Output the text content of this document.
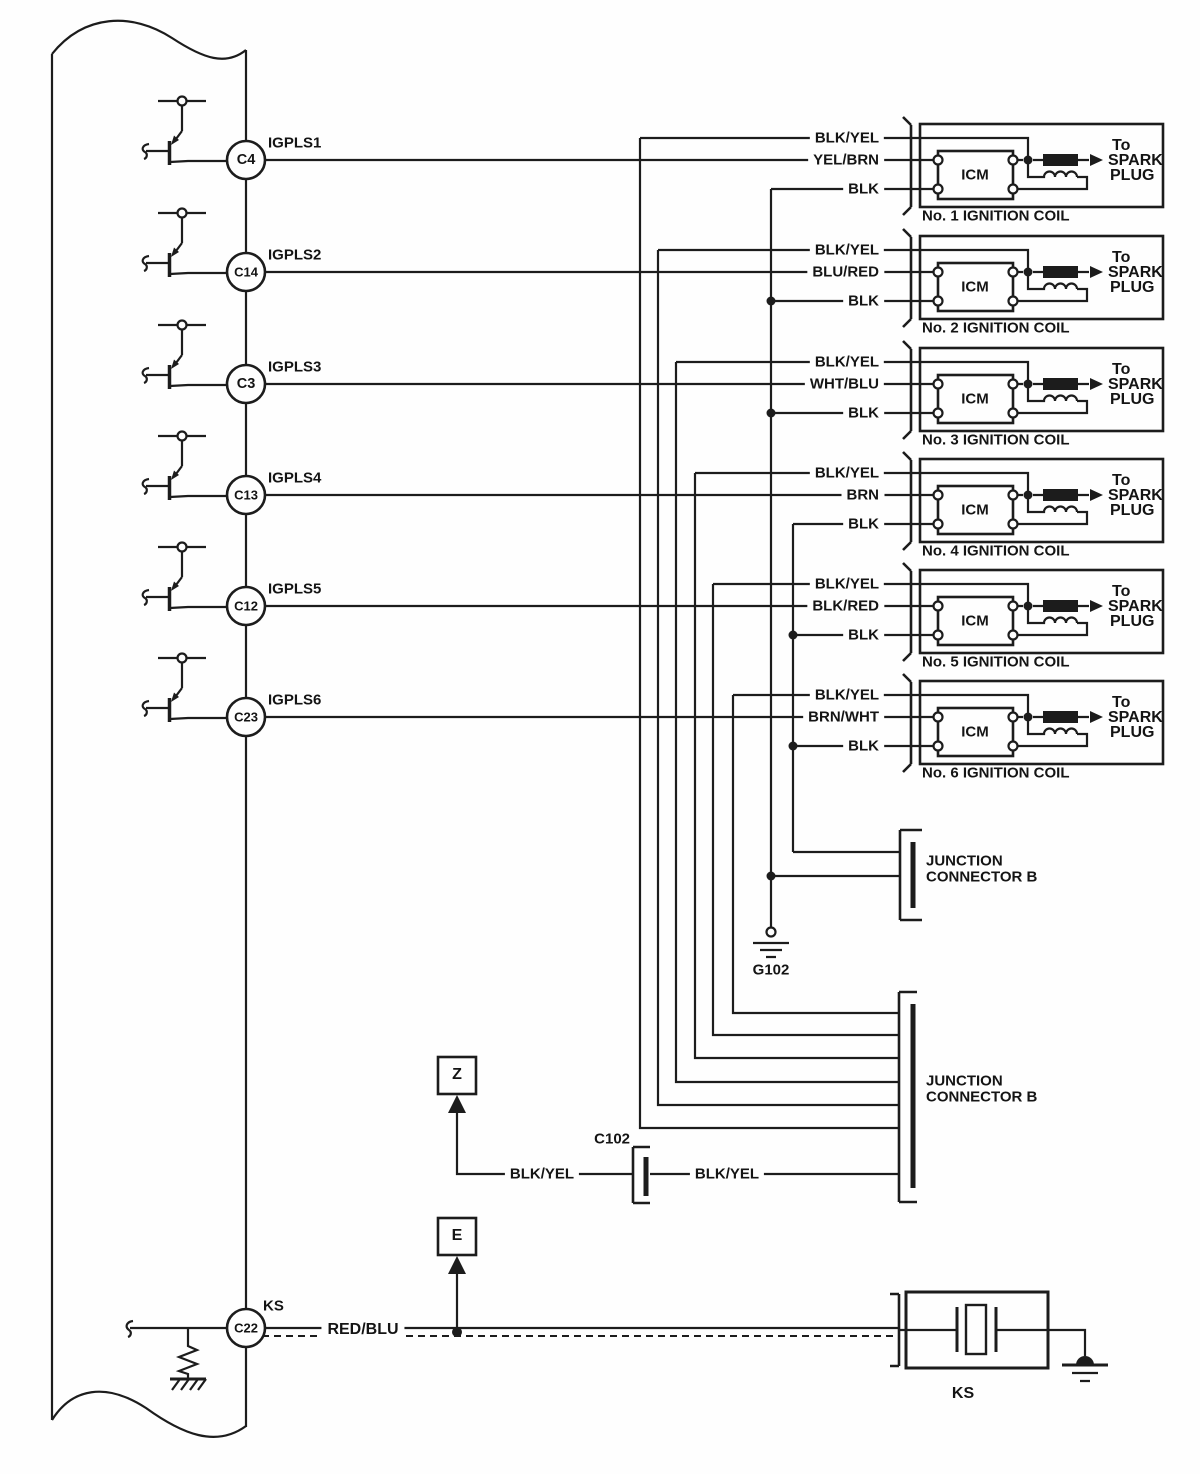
C4
IGPLS1	BLK/YEL
YEL/BRN
BLK
ICM
To
SPARK
PLUG
No. 1 IGNITION COIL
C14
IGPLS2	BLK/YEL
BLU/RED
BLK
ICM
To
SPARK
PLUG
No. 2 IGNITION COIL
C3
IGPLS3	BLK/YEL
WHT/BLU
BLK
ICM
To
SPARK
PLUG
No. 3 IGNITION COIL
C13
IGPLS4	BLK/YEL
BRN
BLK
ICM
To
SPARK
PLUG
No. 4 IGNITION COIL
C12
IGPLS5	BLK/YEL
BLK/RED
BLK
ICM
To
SPARK
PLUG
No. 5 IGNITION COIL
C23
IGPLS6	BLK/YEL
BRN/WHT
BLK
ICM
To
SPARK
PLUG
No. 6 IGNITION COIL
JUNCTION
CONNECTOR B
JUNCTION
CONNECTOR B
G102
C102
BLK/YEL	BLK/YEL
Z
E
C22
KS
RED/BLU
KS
